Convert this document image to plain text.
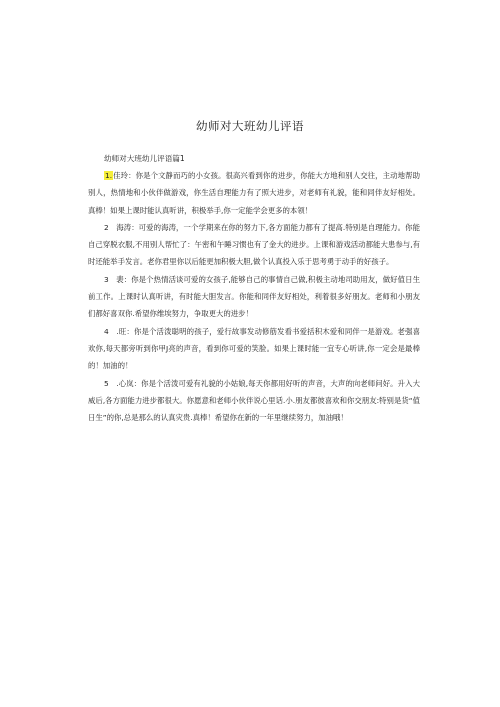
幼师对大班幼儿评语
幼师对大班幼儿评语篇1

1.佳玲：你是个文静而巧的小女孩。很高兴看到你的进步，你能大方地和别人交往，主动地帮助别人，热情地和小伙伴做游戏，你生活自理能力有了照大进步，对老师有礼貌，能和同伴友好相处。真棒！如果上课时能认真听讲，积极举手,你一定能学会更多的本领！

2　 海涛：可爱的海涛，一个学期来在你的努力下,各方面能力都有了提高.特别是自理能力。你能自己穿脱衣服,不用别人帮忙了：午密和午睡习惯也有了金大的进步。上课和游戏活动都能大患参与,有时还能举手发言。老你君里你以后能更加积极大胆,做个认真投入乐于思考勇于动手的好孩子。

3　 裴：你是个热情活谈可爱的女孩子,能够自己的事情自己做,积极主动地司助用友，做好值日生前工作。上课时认真听讲，有时能大胆发言。你能和同伴友好相处，利着很多好朋友。老师和小朋友们都好喜双你.希望你维埃努力，争取更大的进步！

4　 .旺：你是个活泼聪明的孩子，爱行故事发动修筋发看书爱括积木爱和同伴一是游戏。老强喜欢你,每天都旁听到你甲J亮的声音，看到你可爱的笑脸。如果上课时能一宜专心听讲,你一定会是最棒的！加油的！

5　 .心岚：你是个活泼可爱有礼貌的小姑娘,每天你都用好听的声音，大声的向老师问好。升入大威后,各方面能力进步都很大。你愿意和老师小伙伴说心里话.小.朋友都彼喜欢和你交朋友:特别是货“值日生”的你,总是那么的认真灾贵.真棒！希望你在新的一年里继续努力，加油哦！
